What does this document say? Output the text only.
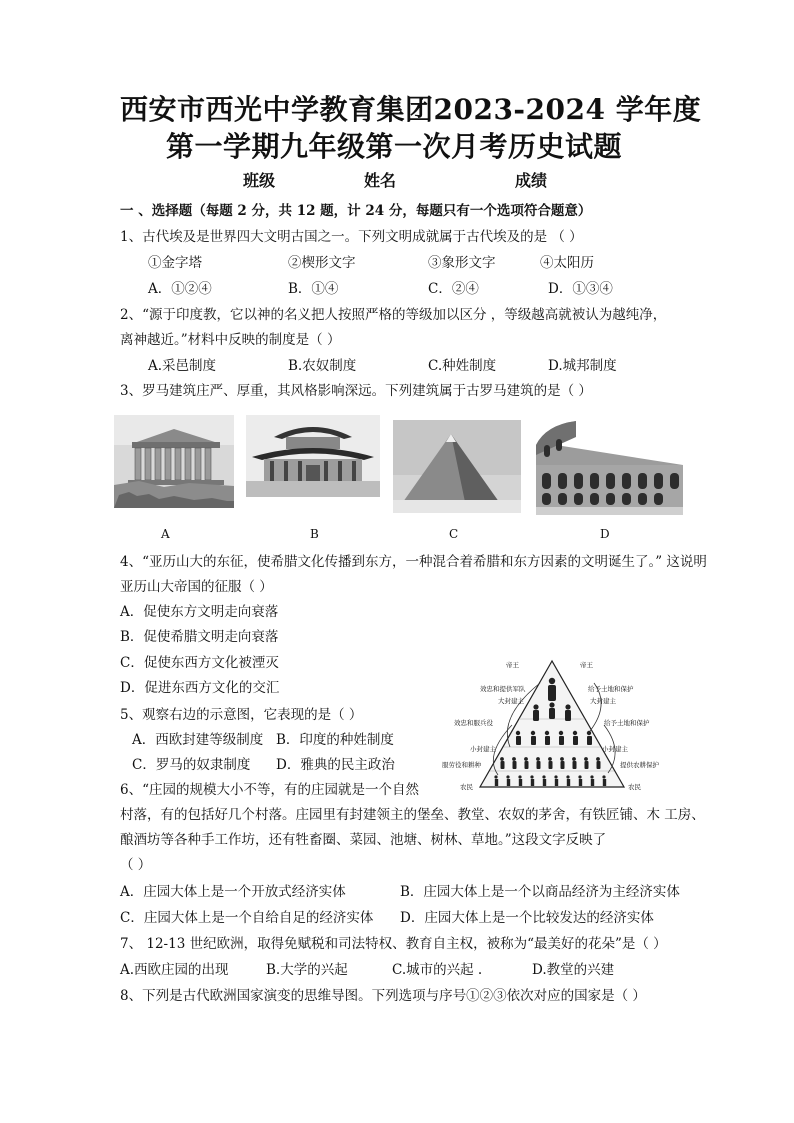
西安市西光中学教育集团2023-2024 学年度
第一学期九年级第一次月考历史试题
班级	姓名	成绩
一 、选择题（每题 2 分，共 12 题，计 24 分，每题只有一个选项符合题意）
1、古代埃及是世界四大文明古国之一。下列文明成就属于古代埃及的是 （ ）
①金字塔	②楔形文字	③象形文字	④太阳历
A．①②④	B．①④	C．②④	D．①③④
2、“源于印度教，它以神的名义把人按照严格的等级加以区分 ，等级越高就被认为越纯净，
离神越近。”材料中反映的制度是（ ）
A.采邑制度	B.农奴制度	C.种姓制度	D.城邦制度
3、罗马建筑庄严、厚重，其风格影响深远。下列建筑属于古罗马建筑的是（ ）
A	B	C	D
4、“亚历山大的东征，使希腊文化传播到东方，一种混合着希腊和东方因素的文明诞生了。” 这说明
亚历山大帝国的征服（ ）
A．促使东方文明走向衰落
B．促使希腊文明走向衰落
C．促使东西方文化被湮灭
D．促进东西方文化的交汇
5、观察右边的示意图，它表现的是（ ）
A．西欧封建等级制度 B．印度的种姓制度
C．罗马的奴隶制度 D．雅典的民主政治
帝王	帝王
效忠和提供军队	给予土地和保护
大封建主	大封建主
效忠和服兵役	给予土地和保护
小封建主	小封建主
服劳役和耕种	提供农耕保护
农民	农民
6、“庄园的规模大小不等，有的庄园就是一个自然
村落，有的包括好几个村落。庄园里有封建领主的堡垒、教堂、农奴的茅舍，有铁匠铺、木 工房、
酿酒坊等各种手工作坊，还有牲畜圈、菜园、池塘、树林、草地。”这段文字反映了
（ ）
A．庄园大体上是一个开放式经济实体	B．庄园大体上是一个以商品经济为主经济实体
C．庄园大体上是一个自给自足的经济实体 D．庄园大体上是一个比较发达的经济实体
7、 12-13 世纪欧洲，取得免赋税和司法特权、教育自主权，被称为“最美好的花朵”是（ ）
A.西欧庄园的出现	B.大学的兴起	C.城市的兴起 .	D.教堂的兴建
8、下列是古代欧洲国家演变的思维导图。下列选项与序号①②③依次对应的国家是（ ）
